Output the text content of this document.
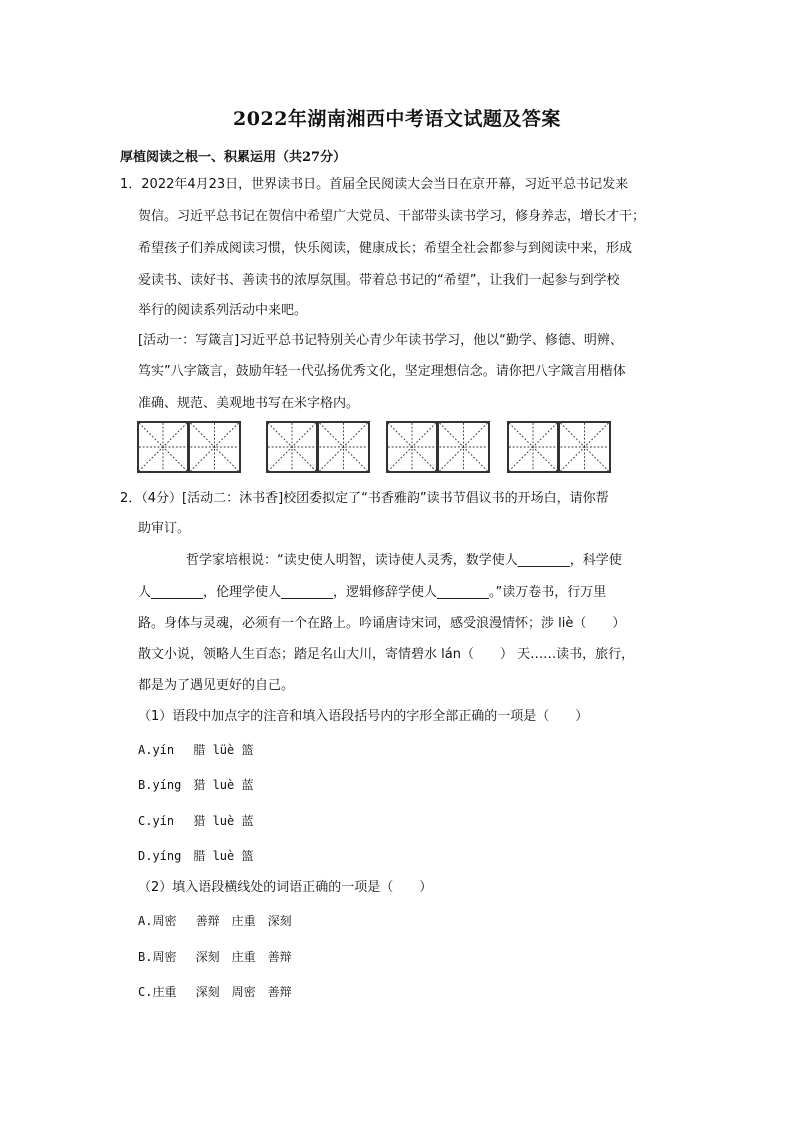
2022年湖南湘西中考语文试题及答案
厚植阅读之根一、积累运用（共27分）
1．2022年4月23日，世界读书日。首届全民阅读大会当日在京开幕，习近平总书记发来
贺信。习近平总书记在贺信中希望广大党员、干部带头读书学习，修身养志，增长才干；
希望孩子们养成阅读习惯，快乐阅读，健康成长；希望全社会都参与到阅读中来，形成
爱读书、读好书、善读书的浓厚氛围。带着总书记的“希望”，让我们一起参与到学校
举行的阅读系列活动中来吧。
[活动一：写箴言]习近平总书记特别关心青少年读书学习，他以“勤学、修德、明辨、
笃实”八字箴言，鼓励年轻一代弘扬优秀文化，坚定理想信念。请你把八字箴言用楷体
准确、规范、美观地书写在米字格内。
2．（4分）[活动二：沐书香]校团委拟定了“书香雅韵”读书节倡议书的开场白，请你帮
助审订。
哲学家培根说：“读史使人明智，读诗使人灵秀，数学使人________，科学使
人________，伦理学使人________，逻辑修辞学使人________。”读万卷书，行万里
路。身体与灵魂，必须有一个在路上。吟诵唐诗宋词，感受浪漫情怀；涉 liè（　　）
散文小说，领略人生百态；踏足名山大川，寄情碧水 lán（　　） 天……读书，旅行，
都是为了遇见更好的自己。
（1）语段中加点字的注音和填入语段括号内的字形全部正确的一项是（　　）
A.yín　 腊 lüè 篮
B.yíng　猎 luè 蓝
C.yín　 猎 luè 蓝
D.yíng　腊 luè 篮
（2）填入语段横线处的词语正确的一项是（　　）
A.周密　 善辩　庄重　深刻
B.周密　 深刻　庄重　善辩
C.庄重　 深刻　周密　善辩
